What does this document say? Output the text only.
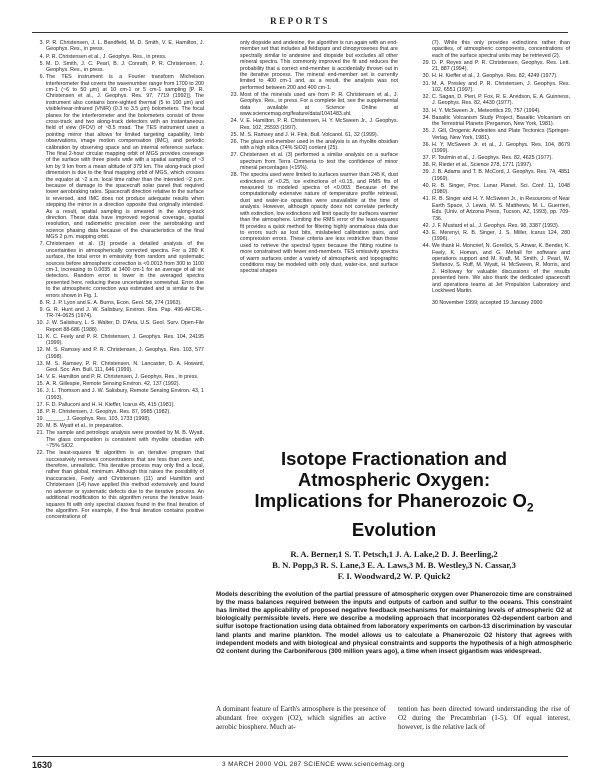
REPORTS
3. P. R. Christensen, J. L. Bandfield, M. D. Smith, V. E. Hamilton, J. Geophys. Res., in press.
4. P. R. Christensen et al., J. Geophys. Res., in press.
5. M. D. Smith, J. C. Pearl, B. J. Conrath, P. R. Christensen, J. Geophys. Res., in press.
6. The TES instrument is a Fourier transform Michelson interferometer that covers the wavenumber range from 1700 to 200 cm-1 (~6 to 50 μm) at 10 cm-1 or 5 cm-1 sampling [P. R. Christensen et al., J. Geophys. Res. 97, 7719 (1992)]. The instrument also contains bore-sighted thermal (5 to 100 μm) and visible/near-infrared (VNIR) (0.3 to 3.5 μm) bolometers. The focal planes for the interferometer and the bolometers consist of three cross-track and two along-track detectors with an instantaneous field of view (IFOV) of ~8.5 mrad. The TES instrument uses a pointing mirror that allows for limited targeting capability, limb observations, image motion compensation (IMC), and periodic calibration by observing space and an internal reference surface. The final 2-hour circular mapping orbit of MGS provides coverage of the surface with three pixels wide with a spatial sampling of ~3 km by 9 km from a mean altitude of 379 km. The along-track pixel dimension is due to the final mapping orbit of MGS, which crosses the equator at ~2 a.m. local time rather than the intended ~2 p.m. because of damage to the spacecraft solar panel that required lower aerobraking rates. Spacecraft direction relative to the surface is reversed, and IMC does not produce adequate results when stepping the mirror in a direction opposite that originally intended. As a result, spatial sampling is smeared in the along-track direction. These data have improved regional coverage, spatial resolution, and radiometric precision over the aerobraking and science phasing data because of the characteristics of the final MGS 2 p.m. mapping orbit.
7. Christensen et al. (3) provide a detailed analysis of the uncertainties in atmospherically corrected spectra. For a 280 K surface, the total error in emissivity from random and systematic sources before atmospheric correction is <0.0013 from 300 to 1100 cm-1, increasing to 0.0035 at 1400 cm-1 for an average of all six detectors. Random error is lower in the averaged spectra presented here, reducing these uncertainties somewhat. Error due to the atmospheric correction was estimated and is similar to the errors shown in Fig. 1.
8. R. J. P. Lyon and E. A. Burns, Econ. Geol. 58, 274 (1963).
9. G. R. Hunt and J. W. Salisbury, Environ. Res. Pap. 496-AFCRL-TR-74-0625 (1974).
10. J. W. Salisbury, L. S. Walter, D. D'Aria, U.S. Geol. Surv. Open-File Report 88-686 (1988).
11. K. C. Feely and P. R. Christensen, J. Geophys. Res. 104, 24195 (1999).
12. M. S. Ramsey and P. R. Christensen, J. Geophys. Res. 103, 577 (1998).
13. M. S. Ramsey, P. R. Christensen, N. Lancaster, D. A. Howard, Geol. Soc. Am. Bull. 111, 646 (1999).
14. V. E. Hamilton and P. R. Christensen, J. Geophys. Res., in press.
15. A. R. Gillespie, Remote Sensing Environ. 42, 137 (1992).
16. J. L. Thomson and J. W. Salisbury, Remote Sensing Environ. 43, 1 (1993).
17. F. D. Palluconi and H. H. Kieffer, Icarus 45, 415 (1981).
18. P. R. Christensen, J. Geophys. Res. 87, 9985 (1982).
19. ______, J. Geophys. Res. 103, 1733 (1998).
20. M. B. Wyatt et al., in preparation.
21. The sample and petrologic analysis were provided by M. B. Wyatt. The glass composition is consistent with rhyolite obsidian with ~75% SiO2.
22. The least-squares fit algorithm is an iterative program that successively removes concentrations that are less than zero and, therefore, unrealistic. This iterative process may only find a local, rather than global, minimum. Although this raises the possibility of inaccuracies, Feely and Christensen (11) and Hamilton and Christensen (14) have applied this method extensively and found no adverse or systematic defects due to the iterative process. An additional modification to this algorithm reruns the iterative least-squares fit with only spectral classes found in the final iteration of the algorithm. For example, if the final iteration contains positive concentrations of
only diopside and andesine, the algorithm is run again with an end-member set that includes all feldspars and clinopyroxenes that are spectrally similar to andesine and diopside but excludes all other mineral spectra. This commonly improved the fit and reduces the probability that a correct end-member is accidentally thrown out in the iterative process. The mineral end-member set is currently limited to 400 cm-1 and, as a result, the analysis was not performed between 200 and 400 cm-1.
23. Most of the minerals used are from P. R. Christensen et al., J. Geophys. Res., in press. For a complete list, see the supplemental data available at Science Online at www.sciencemag.org/feature/data/1041483.shl.
24. V. E. Hamilton, P. R. Christensen, H. Y. McSween Jr., J. Geophys. Res. 102, 25593 (1997).
25. M. S. Ramsey and J. H. Fink, Bull. Volcanol. 61, 32 (1999).
26. The glass end-member used in the analysis is an rhyolite obsidian with a high silica (74% SiO2) content (25).
27. Christensen et al. (3) performed a similar analysis on a surface spectrum from Terra Cimmeria to test the confidence of minor mineral percentages (<15%).
28. The spectra used were limited to surfaces warmer than 245 K, dust extinctions of <0.25, ice extinctions of <0.15, and RMS fits of measured to modeled spectra of <0.003. Because of the computationally extensive nature of temperature profile retrieval, dust and water-ice opacities were unavailable at the time of analysis. However, although opacity does not correlate perfectly with extinction, low extinctions will limit opacity for surfaces warmer than the atmosphere. Limiting the RMS error of the least-squares fit provides a quick method for filtering highly anomalous data due to errors such as lost bits, mislabeled calibration pairs, and compression errors. These criteria are less restrictive than those used to retrieve the spectral types because the fitting routine is more constrained with fewer end-members. TES emissivity spectra of warm surfaces under a variety of atmospheric and topographic conditions may be modeled with only dust, water-ice, and surface spectral shapes
(7). While this only provides extinctions rather than opacities, of atmospheric components, concentrations of each of the surface spectral units may be retrieved (2).
29. D. P. Reyes and P. R. Christensen, Geophys. Res. Lett. 21, 887 (1994).
30. H. H. Kieffer et al., J. Geophys. Res. 82, 4249 (1977).
31. M. A. Presley and P. R. Christensen, J. Geophys. Res. 102, 6551 (1997).
32. C. Sagan, D. Pieri, P. Fox, R. E. Arvidson, E. A. Guinness, J. Geophys. Res. 82, 4430 (1977).
33. H. Y. McSween Jr., Meteoritics 29, 757 (1994).
34. Basaltic Volcanism Study Project, Basaltic Volcanism on the Terrestrial Planets (Pergamon, New York, 1981).
35. J. Gill, Orogenic Andesites and Plate Tectonics (Springer-Verlag, New York, 1981).
36. H. Y. McSween Jr. et al., J. Geophys. Res. 104, 8679 (1999).
37. P. Toulmin et al., J. Geophys. Res. 82, 4625 (1977).
38. R. Rieder et al., Science 278, 1771 (1997).
39. J. B. Adams and T. B. McCord, J. Geophys. Res. 74, 4851 (1969).
40. R. B. Singer, Proc. Lunar Planet. Sci. Conf. 11, 1048 (1980).
41. R. B. Singer and H. Y. McSween Jr., in Resources of Near Earth Space, J. Lewis, M. S. Matthews, M. L. Guerrieri, Eds. (Univ. of Arizona Press, Tucson, AZ, 1993), pp. 709-736.
42. J. F. Mustard et al., J. Geophys. Res. 98, 3387 (1993).
43. E. Merenyi, R. B. Singer, J. S. Miller, Icarus 124, 280 (1996).
44. We thank H. Moncrief, N. Gorelick, S. Anwar, K. Bender, K. Feely, K. Homan, and G. Mehall for software and operations support and M. Kraft, M. Smith, J. Pearl, W. Stefanov, S. Ruff, M. Wyatt, H. McSween, R. Morris, and J. Holloway for valuable discussions of the results presented here. We also thank the dedicated spacecraft and operations teams at Jet Propulsion Laboratory and Lockheed Martin.
30 November 1999; accepted 19 January 2000
Isotope Fractionation and
Atmospheric Oxygen:
Implications for Phanerozoic $O_2$
Evolution
R. A. Berner,1 S. T. Petsch,1 J. A. Lake,2 D. J. Beerling,2
B. N. Popp,3 R. S. Lane,3 E. A. Laws,3 M. B. Westley,3 N. Cassar,3
F. I. Woodward,2 W. P. Quick2
Models describing the evolution of the partial pressure of atmospheric oxygen over Phanerozoic time are constrained by the mass balances required between the inputs and outputs of carbon and sulfur to the oceans. This constraint has limited the applicability of proposed negative feedback mechanisms for maintaining levels of atmospheric O2 at biologically permissible levels. Here we describe a modeling approach that incorporates O2-dependent carbon and sulfur isotope fractionation using data obtained from laboratory experiments on carbon-13 discrimination by vascular land plants and marine plankton. The model allows us to calculate a Phanerozoic O2 history that agrees with independent models and with biological and physical constraints and supports the hypothesis of a high atmospheric O2 content during the Carboniferous (300 million years ago), a time when insect gigantism was widespread.
A dominant feature of Earth's atmosphere is the presence of abundant free oxygen (O2), which signifies an active aerobic biosphere. Much at-
tention has been directed toward understanding the rise of O2 during the Precambrian (1-5). Of equal interest, however, is the relative lack of
1630	3 MARCH 2000 VOL 287 SCIENCE www.sciencemag.org
